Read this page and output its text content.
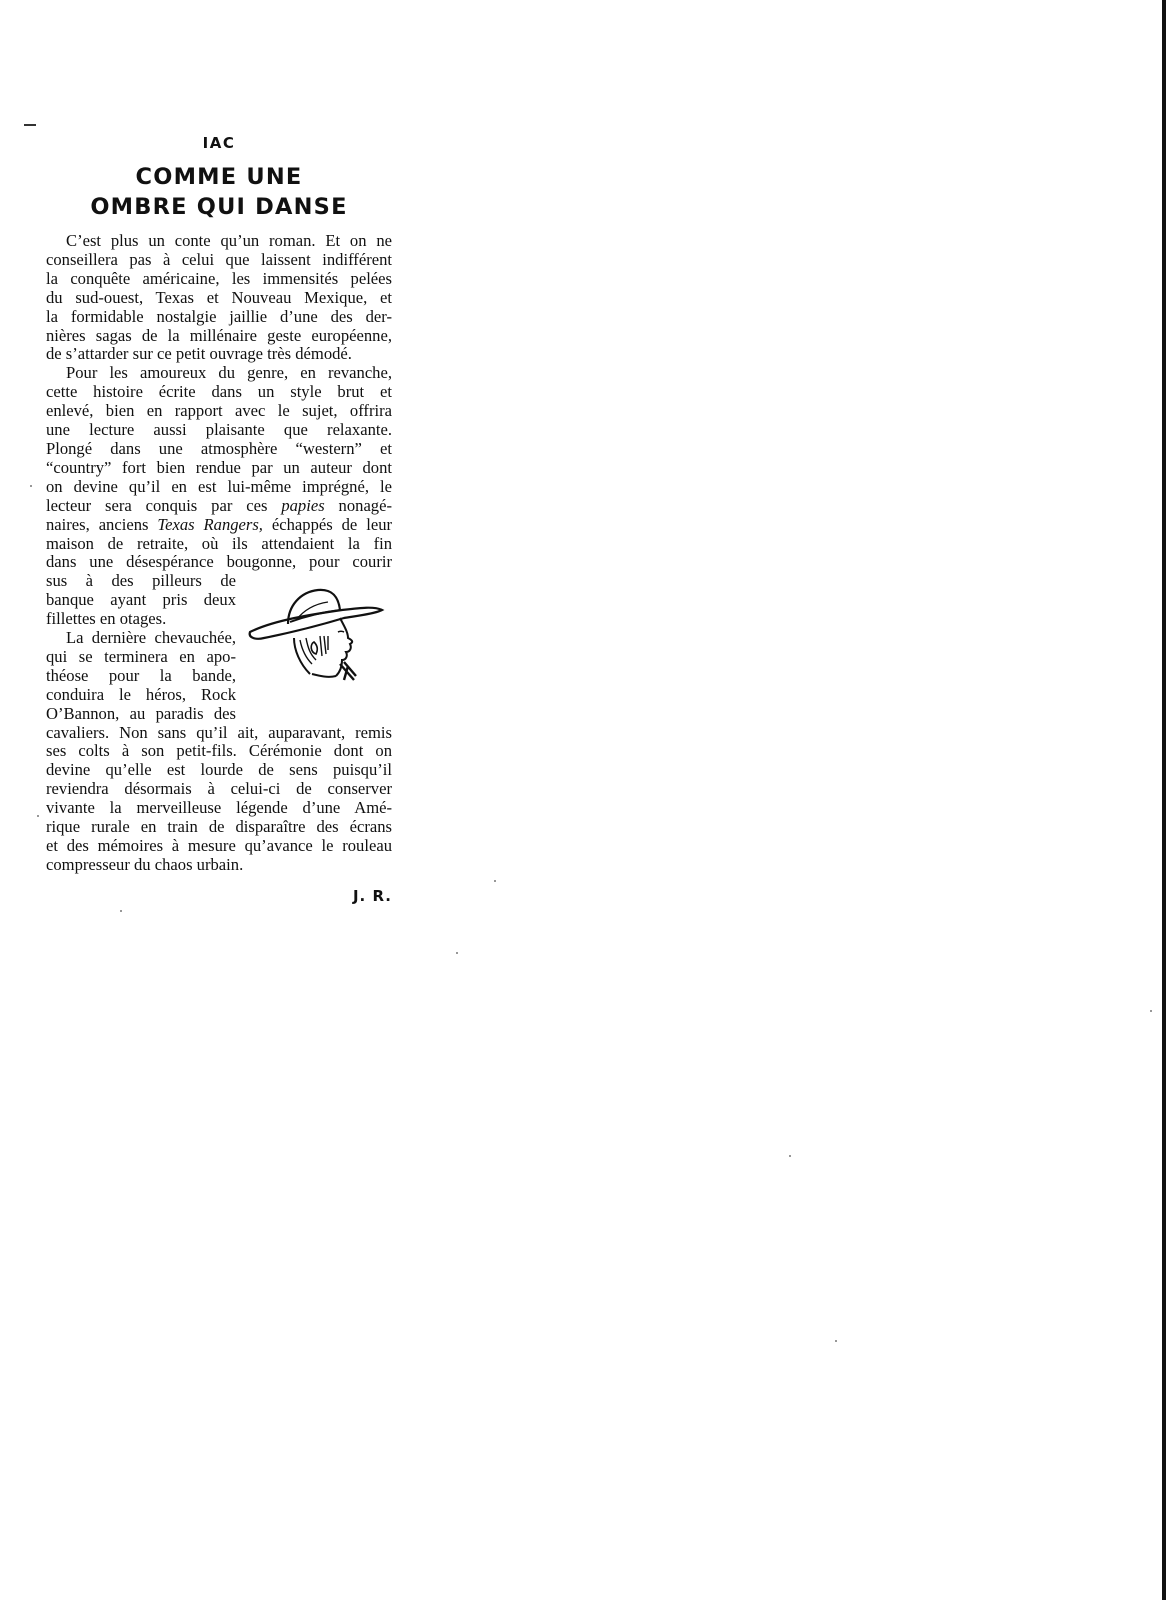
IAC
COMME UNE
OMBRE QUI DANSE

C’est plus un conte qu’un roman. Et on ne
conseillera pas à celui que laissent indifférent
la conquête américaine, les immensités pelées
du sud-ouest, Texas et Nouveau Mexique, et
la formidable nostalgie jaillie d’une des der-
nières sagas de la millénaire geste européenne,
de s’attarder sur ce petit ouvrage très démodé.

Pour les amoureux du genre, en revanche,
cette histoire écrite dans un style brut et
enlevé, bien en rapport avec le sujet, offrira
une lecture aussi plaisante que relaxante.
Plongé dans une atmosphère “western” et
“country” fort bien rendue par un auteur dont
on devine qu’il en est lui-même imprégné, le
lecteur sera conquis par ces papies nonagé-
naires, anciens Texas Rangers, échappés de leur
maison de retraite, où ils attendaient la fin
dans une désespérance bougonne, pour courir

sus à des pilleurs de
banque ayant pris deux
fillettes en otages.
La dernière chevauchée,
qui se terminera en apo-
théose pour la bande,
conduira le héros, Rock
O’Bannon, au paradis des

cavaliers. Non sans qu’il ait, auparavant, remis
ses colts à son petit-fils. Cérémonie dont on
devine qu’elle est lourde de sens puisqu’il
reviendra désormais à celui-ci de conserver
vivante la merveilleuse légende d’une Amé-
rique rurale en train de disparaître des écrans
et des mémoires à mesure qu’avance le rouleau
compresseur du chaos urbain.

J. R.
